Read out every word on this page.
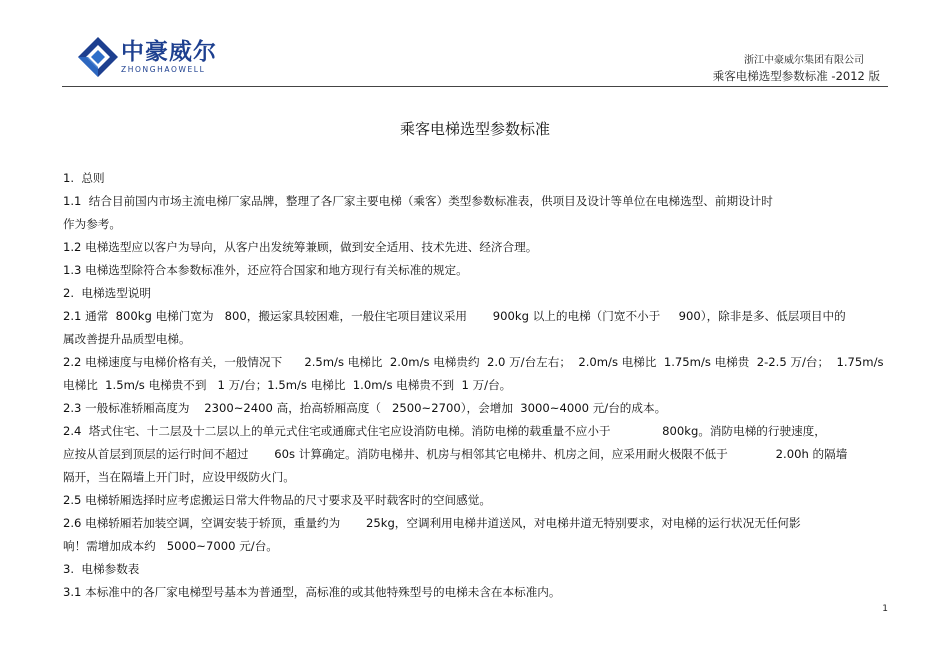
中豪威尔
ZHONGHAOWELL
浙江中豪威尔集团有限公司
乘客电梯选型参数标准 -2012 版
乘客电梯选型参数标准

1.  总则

1.1  结合目前国内市场主流电梯厂家品牌，整理了各厂家主要电梯（乘客）类型参数标准表，供项目及设计等单位在电梯选型、前期设计时

作为参考。

1.2 电梯选型应以客户为导向，从客户出发统筹兼顾，做到安全适用、技术先进、经济合理。

1.3 电梯选型除符合本参数标准外，还应符合国家和地方现行有关标准的规定。

2.  电梯选型说明

2.1 通常  800kg 电梯门宽为   800，搬运家具较困难，一般住宅项目建议采用       900kg 以上的电梯（门宽不小于     900），除非是多、低层项目中的

属改善提升品质型电梯。

2.2 电梯速度与电梯价格有关，一般情况下      2.5m/s 电梯比  2.0m/s 电梯贵约  2.0 万/台左右；  2.0m/s 电梯比  1.75m/s 电梯贵  2-2.5 万/台；  1.75m/s

电梯比  1.5m/s 电梯贵不到   1 万/台；1.5m/s 电梯比  1.0m/s 电梯贵不到  1 万/台。

2.3 一般标准轿厢高度为    2300~2400 高，抬高轿厢高度（   2500~2700），会增加  3000~4000 元/台的成本。

2.4  塔式住宅、十二层及十二层以上的单元式住宅或通廊式住宅应设消防电梯。消防电梯的载重量不应小于              800kg。消防电梯的行驶速度，

应按从首层到顶层的运行时间不超过       60s 计算确定。消防电梯井、机房与相邻其它电梯井、机房之间，应采用耐火极限不低于             2.00h 的隔墙

隔开，当在隔墙上开门时，应设甲级防火门。

2.5 电梯轿厢选择时应考虑搬运日常大件物品的尺寸要求及平时载客时的空间感觉。

2.6 电梯轿厢若加装空调，空调安装于轿顶，重量约为       25kg，空调利用电梯井道送风，对电梯井道无特别要求，对电梯的运行状况无任何影

响！需增加成本约   5000~7000 元/台。

3.  电梯参数表

3.1 本标准中的各厂家电梯型号基本为普通型，高标准的或其他特殊型号的电梯未含在本标准内。

1
